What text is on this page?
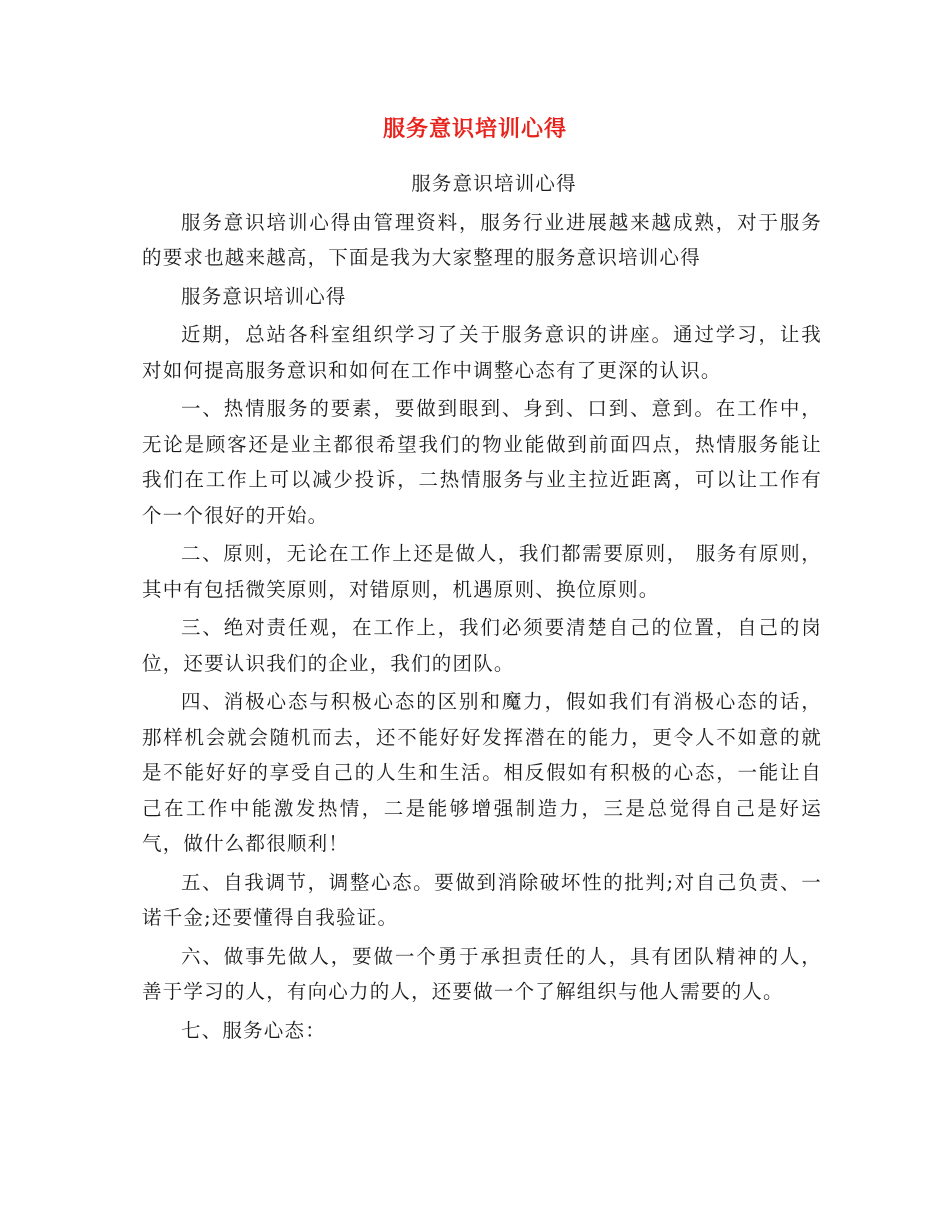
服务意识培训心得

服务意识培训心得

服务意识培训心得由管理资料，服务行业进展越来越成熟，对于服务的要求也越来越高，下面是我为大家整理的服务意识培训心得

服务意识培训心得

近期，总站各科室组织学习了关于服务意识的讲座。通过学习，让我对如何提高服务意识和如何在工作中调整心态有了更深的认识。

一、热情服务的要素，要做到眼到、身到、口到、意到。在工作中，无论是顾客还是业主都很希望我们的物业能做到前面四点，热情服务能让我们在工作上可以减少投诉，二热情服务与业主拉近距离，可以让工作有个一个很好的开始。

二、原则，无论在工作上还是做人，我们都需要原则， 服务有原则，其中有包括微笑原则，对错原则，机遇原则、换位原则。

三、绝对责任观，在工作上，我们必须要清楚自己的位置，自己的岗位，还要认识我们的企业，我们的团队。

四、消极心态与积极心态的区别和魔力，假如我们有消极心态的话，那样机会就会随机而去，还不能好好发挥潜在的能力，更令人不如意的就是不能好好的享受自己的人生和生活。相反假如有积极的心态，一能让自己在工作中能激发热情，二是能够增强制造力，三是总觉得自己是好运气，做什么都很顺利！

五、自我调节，调整心态。要做到消除破坏性的批判;对自己负责、一诺千金;还要懂得自我验证。

六、做事先做人，要做一个勇于承担责任的人，具有团队精神的人，善于学习的人，有向心力的人，还要做一个了解组织与他人需要的人。

七、服务心态：
